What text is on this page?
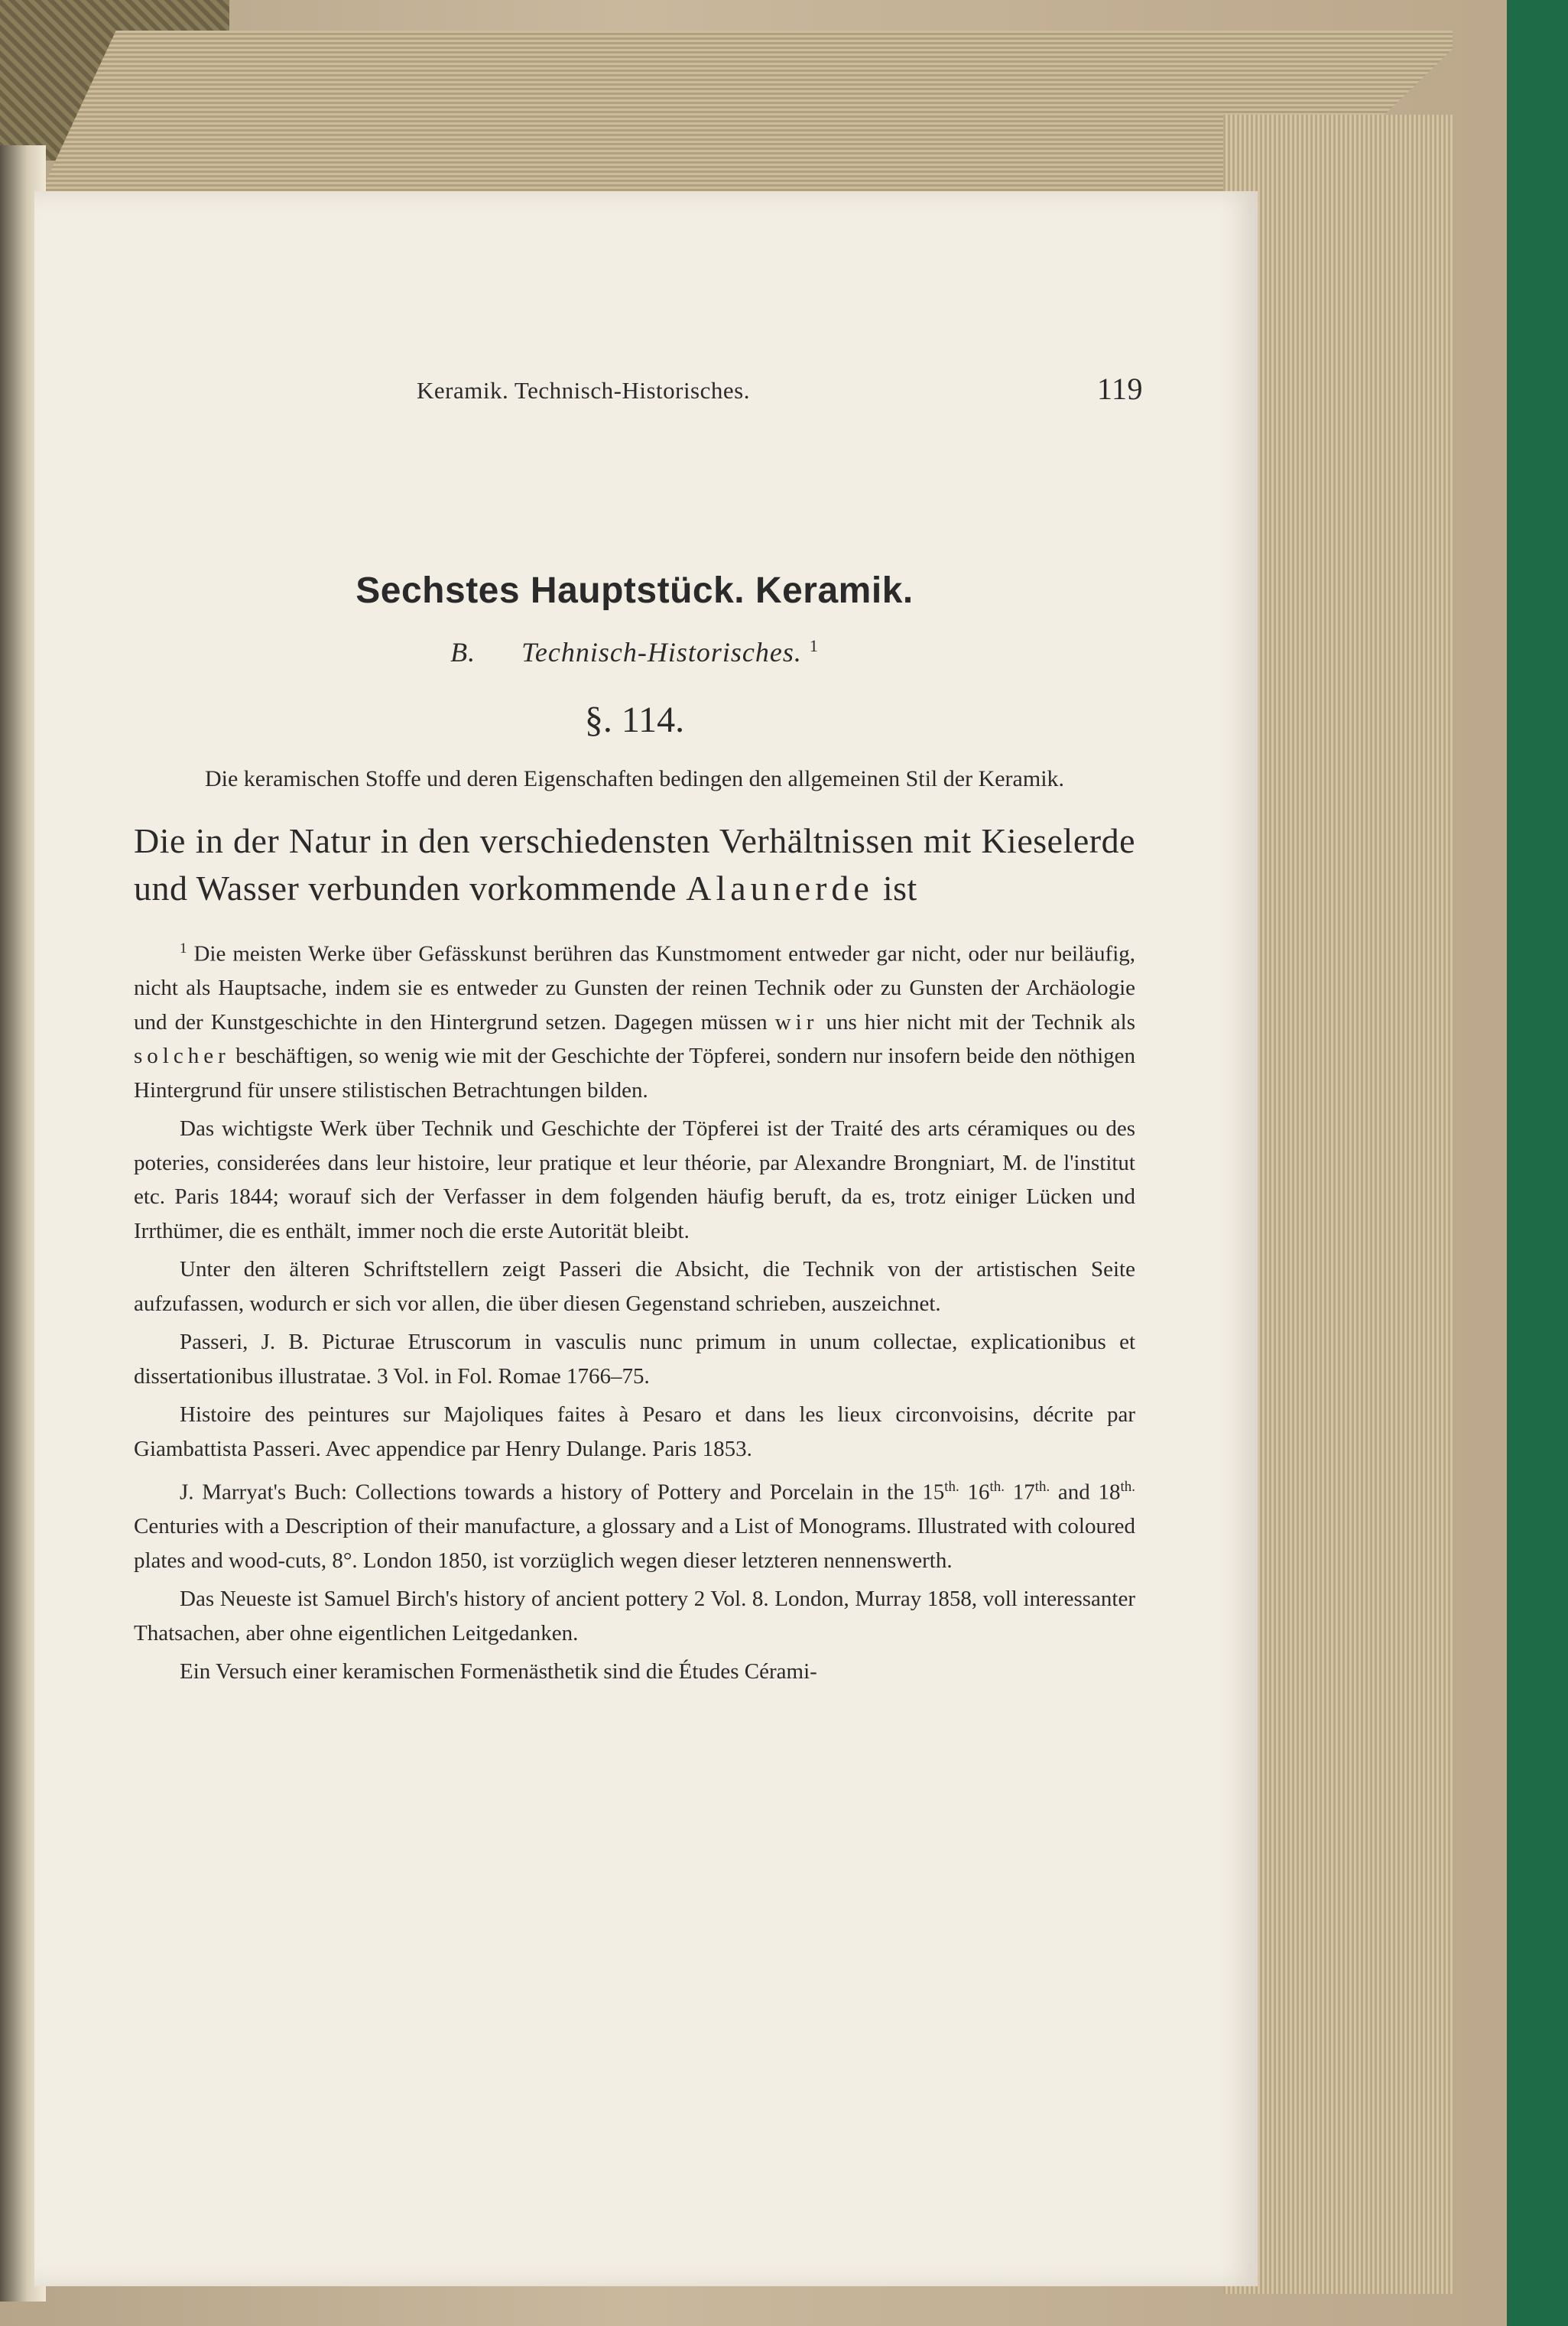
Keramik. Technisch-Historisches.	119
Sechstes Hauptstück. Keramik.
B. Technisch-Historisches. $^1$
§. 114.
Die keramischen Stoffe und deren Eigenschaften bedingen den allgemeinen Stil der Keramik.
Die in der Natur in den verschiedensten Verhältnissen mit Kieselerde und Wasser verbunden vorkommende Alaunerde ist

$^1$ Die meisten Werke über Gefässkunst berühren das Kunstmoment entweder gar nicht, oder nur beiläufig, nicht als Hauptsache, indem sie es entweder zu Gunsten der reinen Technik oder zu Gunsten der Archäologie und der Kunstgeschichte in den Hintergrund setzen. Dagegen müssen wir uns hier nicht mit der Technik als solcher beschäftigen, so wenig wie mit der Geschichte der Töpferei, sondern nur insofern beide den nöthigen Hintergrund für unsere stilistischen Betrachtungen bilden.

Das wichtigste Werk über Technik und Geschichte der Töpferei ist der Traité des arts céramiques ou des poteries, considerées dans leur histoire, leur pratique et leur théorie, par Alexandre Brongniart, M. de l'institut etc. Paris 1844; worauf sich der Verfasser in dem folgenden häufig beruft, da es, trotz einiger Lücken und Irrthümer, die es enthält, immer noch die erste Autorität bleibt.

Unter den älteren Schriftstellern zeigt Passeri die Absicht, die Technik von der artistischen Seite aufzufassen, wodurch er sich vor allen, die über diesen Gegenstand schrieben, auszeichnet.

Passeri, J. B. Picturae Etruscorum in vasculis nunc primum in unum collectae, explicationibus et dissertationibus illustratae. 3 Vol. in Fol. Romae 1766–75.

Histoire des peintures sur Majoliques faites à Pesaro et dans les lieux circonvoisins, décrite par Giambattista Passeri. Avec appendice par Henry Dulange. Paris 1853.

J. Marryat's Buch: Collections towards a history of Pottery and Porcelain in the $15^{th.}$ $16^{th.}$ $17^{th.}$ and $18^{th.}$ Centuries with a Description of their manufacture, a glossary and a List of Monograms. Illustrated with coloured plates and wood-cuts, 8°. London 1850, ist vorzüglich wegen dieser letzteren nennenswerth.

Das Neueste ist Samuel Birch's history of ancient pottery 2 Vol. 8. London, Murray 1858, voll interessanter Thatsachen, aber ohne eigentlichen Leitgedanken.

Ein Versuch einer keramischen Formenästhetik sind die Études Cérami-
